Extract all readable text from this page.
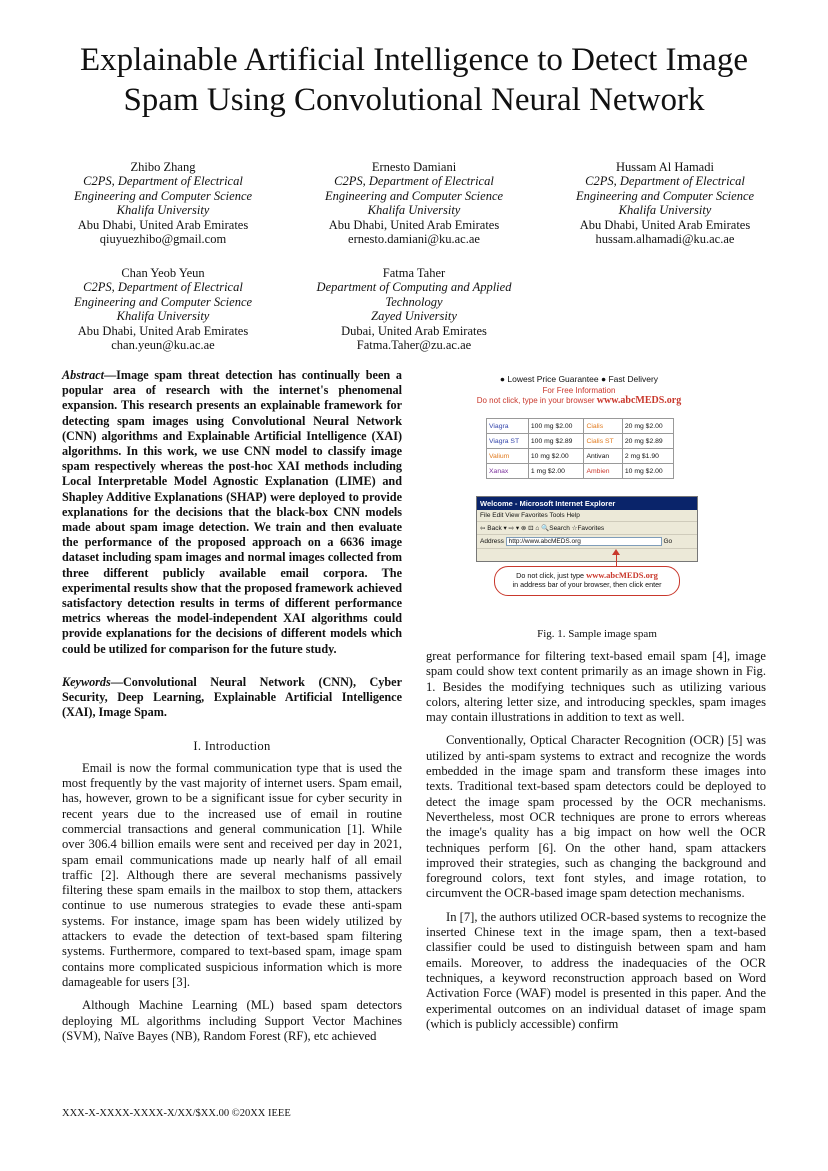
Explainable Artificial Intelligence to Detect Image Spam Using Convolutional Neural Network
Zhibo Zhang
C2PS, Department of Electrical
Engineering and Computer Science
Khalifa University
Abu Dhabi, United Arab Emirates
qiuyuezhibo@gmail.com
Ernesto Damiani
C2PS, Department of Electrical
Engineering and Computer Science
Khalifa University
Abu Dhabi, United Arab Emirates
ernesto.damiani@ku.ac.ae
Hussam Al Hamadi
C2PS, Department of Electrical
Engineering and Computer Science
Khalifa University
Abu Dhabi, United Arab Emirates
hussam.alhamadi@ku.ac.ae
Chan Yeob Yeun
C2PS, Department of Electrical
Engineering and Computer Science
Khalifa University
Abu Dhabi, United Arab Emirates
chan.yeun@ku.ac.ae
Fatma Taher
Department of Computing and Applied
Technology
Zayed University
Dubai, United Arab Emirates
Fatma.Taher@zu.ac.ae
Abstract—Image spam threat detection has continually been a popular area of research with the internet's phenomenal expansion. This research presents an explainable framework for detecting spam images using Convolutional Neural Network (CNN) algorithms and Explainable Artificial Intelligence (XAI) algorithms. In this work, we use CNN model to classify image spam respectively whereas the post-hoc XAI methods including Local Interpretable Model Agnostic Explanation (LIME) and Shapley Additive Explanations (SHAP) were deployed to provide explanations for the decisions that the black-box CNN models made about spam image detection. We train and then evaluate the performance of the proposed approach on a 6636 image dataset including spam images and normal images collected from three different publicly available email corpora. The experimental results show that the proposed framework achieved satisfactory detection results in terms of different performance metrics whereas the model-independent XAI algorithms could provide explanations for the decisions of different models which could be utilized for comparison for the future study.
Keywords—Convolutional Neural Network (CNN), Cyber Security, Deep Learning, Explainable Artificial Intelligence (XAI), Image Spam.
I. Introduction

Email is now the formal communication type that is used the most frequently by the vast majority of internet users. Spam email, has, however, grown to be a significant issue for cyber security in recent years due to the increased use of email in routine commercial transactions and general communication [1]. While over 306.4 billion emails were sent and received per day in 2021, spam email communications made up nearly half of all email traffic [2]. Although there are several mechanisms passively filtering these spam emails in the mailbox to stop them, attackers continue to use numerous strategies to evade these anti-spam systems. For instance, image spam has been widely utilized by attackers to evade the detection of text-based spam filtering systems. Furthermore, compared to text-based spam, image spam contains more complicated suspicious information which is more damageable for users [3].

Although Machine Learning (ML) based spam detectors deploying ML algorithms including Support Vector Machines (SVM), Naïve Bayes (NB), Random Forest (RF), etc achieved

● Lowest Price Guarantee ● Fast Delivery
For Free Information
Do not click, type in your browser www.abcMEDS.org
Viagra	100 mg $2.00	Cialis	20 mg $2.00
Viagra ST	100 mg $2.89	Cialis ST	20 mg $2.89
Valium	10 mg $2.00	Antivan	2 mg $1.90
Xanax	1 mg $2.00	Ambien	10 mg $2.00
Welcome - Microsoft Internet Explorer
File Edit View Favorites Tools Help
⇦ Back ▾ ⇨ ▾ ⊗ ⊡ ⌂ 🔍Search ☆Favorites
Address http://www.abcMEDS.org	Go
Do not click, just type www.abcMEDS.org
in address bar of your browser, then click enter
Fig. 1. Sample image spam

great performance for filtering text-based email spam [4], image spam could show text content primarily as an image shown in Fig. 1. Besides the modifying techniques such as utilizing various colors, altering letter size, and introducing speckles, spam images may contain illustrations in addition to text as well.

Conventionally, Optical Character Recognition (OCR) [5] was utilized by anti-spam systems to extract and recognize the words embedded in the image spam and transform these images into texts. Traditional text-based spam detectors could be deployed to detect the image spam processed by the OCR mechanisms. Nevertheless, most OCR techniques are prone to errors whereas the image's quality has a big impact on how well the OCR techniques perform [6]. On the other hand, spam attackers improved their strategies, such as changing the background and foreground colors, text font styles, and image rotation, to circumvent the OCR-based image spam detection mechanisms.

In [7], the authors utilized OCR-based systems to recognize the inserted Chinese text in the image spam, then a text-based classifier could be used to distinguish between spam and ham emails. Moreover, to address the inadequacies of the OCR techniques, a keyword reconstruction approach based on Word Activation Force (WAF) model is presented in this paper. And the experimental outcomes on an individual dataset of image spam (which is publicly accessible) confirm

XXX-X-XXXX-XXXX-X/XX/$XX.00 ©20XX IEEE
